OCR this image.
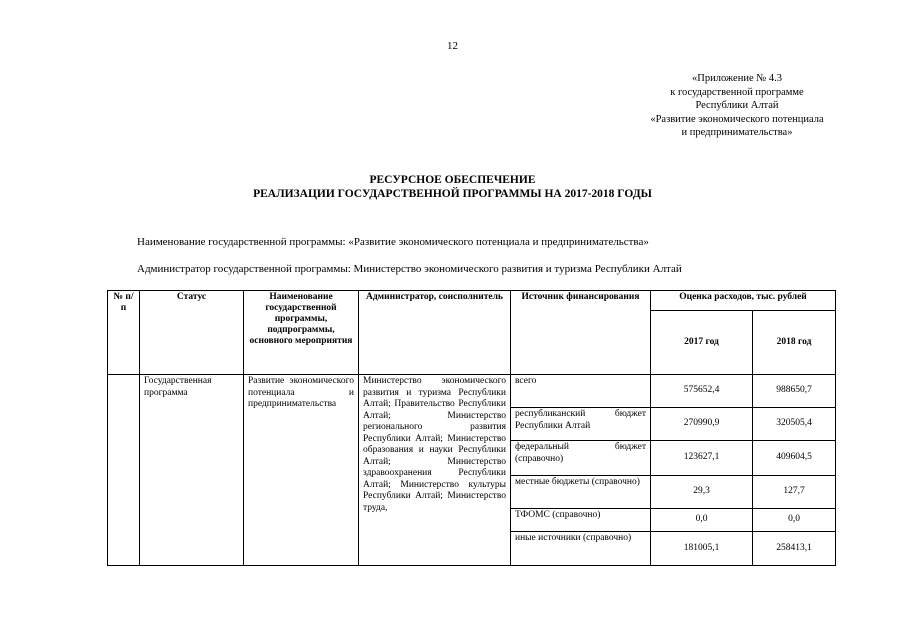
12
«Приложение № 4.3
к государственной программе
Республики Алтай
«Развитие экономического потенциала
и предпринимательства»
РЕСУРСНОЕ ОБЕСПЕЧЕНИЕ
РЕАЛИЗАЦИИ ГОСУДАРСТВЕННОЙ ПРОГРАММЫ НА 2017-2018 ГОДЫ
Наименование государственной программы: «Развитие экономического потенциала и предпринимательства»
Администратор государственной программы: Министерство экономического развития и туризма Республики Алтай
№ п/п	Статус	Наименование государственной программы, подпрограммы, основного мероприятия	Администратор, соисполнитель	Источник финансирования	Оценка расходов, тыс. рублей	
					2017 год	2018 год
	Государственная программа	Развитие экономического потенциала и предпринимательства	Министерство экономического развития и туризма Республики Алтай; Правительство Республики Алтай; Министерство регионального развития Республики Алтай; Министерство образования и науки Республики Алтай; Министерство здравоохранения Республики Алтай; Министерство культуры Республики Алтай; Министерство труда,	всего	575652,4	988650,7
				республиканский бюджет Республики Алтай	270990,9	320505,4
				федеральный бюджет (справочно)	123627,1	409604,5
				местные бюджеты (справочно)	29,3	127,7
				ТФОМС (справочно)	0,0	0,0
				иные источники (справочно)	181005,1	258413,1
